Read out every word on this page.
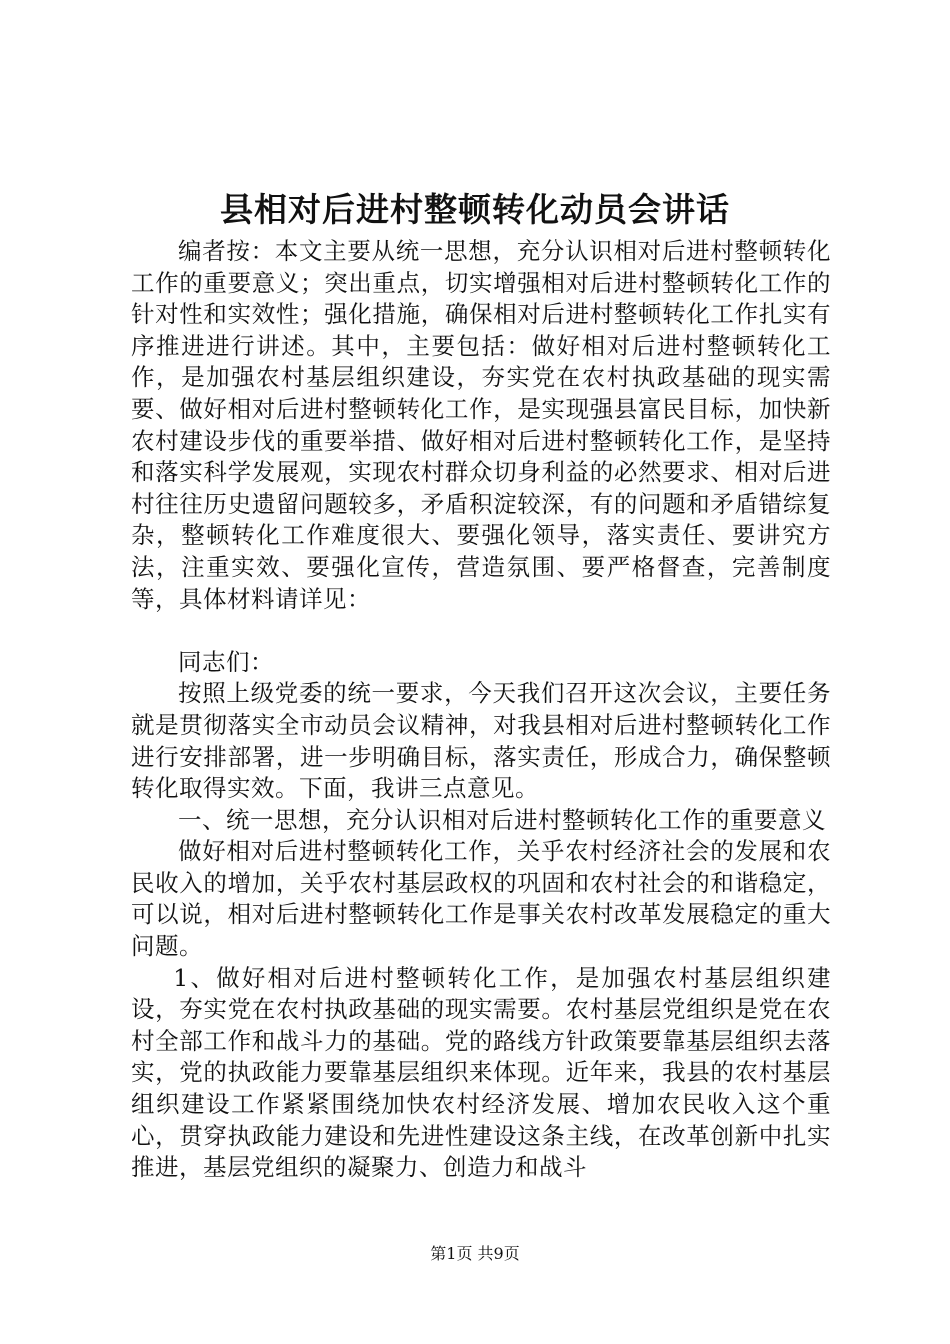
县相对后进村整顿转化动员会讲话

编者按：本文主要从统一思想，充分认识相对后进村整顿转化工作的重要意义；突出重点，切实增强相对后进村整顿转化工作的针对性和实效性；强化措施，确保相对后进村整顿转化工作扎实有序推进进行讲述。其中，主要包括：做好相对后进村整顿转化工作，是加强农村基层组织建设，夯实党在农村执政基础的现实需要、做好相对后进村整顿转化工作，是实现强县富民目标，加快新农村建设步伐的重要举措、做好相对后进村整顿转化工作，是坚持和落实科学发展观，实现农村群众切身利益的必然要求、相对后进村往往历史遗留问题较多，矛盾积淀较深，有的问题和矛盾错综复杂，整顿转化工作难度很大、要强化领导，落实责任、要讲究方法，注重实效、要强化宣传，营造氛围、要严格督查，完善制度等，具体材料请详见：

同志们：

按照上级党委的统一要求，今天我们召开这次会议，主要任务就是贯彻落实全市动员会议精神，对我县相对后进村整顿转化工作进行安排部署，进一步明确目标，落实责任，形成合力，确保整顿转化取得实效。下面，我讲三点意见。

一、统一思想，充分认识相对后进村整顿转化工作的重要意义

做好相对后进村整顿转化工作，关乎农村经济社会的发展和农民收入的增加，关乎农村基层政权的巩固和农村社会的和谐稳定，可以说，相对后进村整顿转化工作是事关农村改革发展稳定的重大问题。

1、做好相对后进村整顿转化工作，是加强农村基层组织建设，夯实党在农村执政基础的现实需要。农村基层党组织是党在农村全部工作和战斗力的基础。党的路线方针政策要靠基层组织去落实，党的执政能力要靠基层组织来体现。近年来，我县的农村基层组织建设工作紧紧围绕加快农村经济发展、增加农民收入这个重心，贯穿执政能力建设和先进性建设这条主线，在改革创新中扎实推进，基层党组织的凝聚力、创造力和战斗

第1页 共9页
